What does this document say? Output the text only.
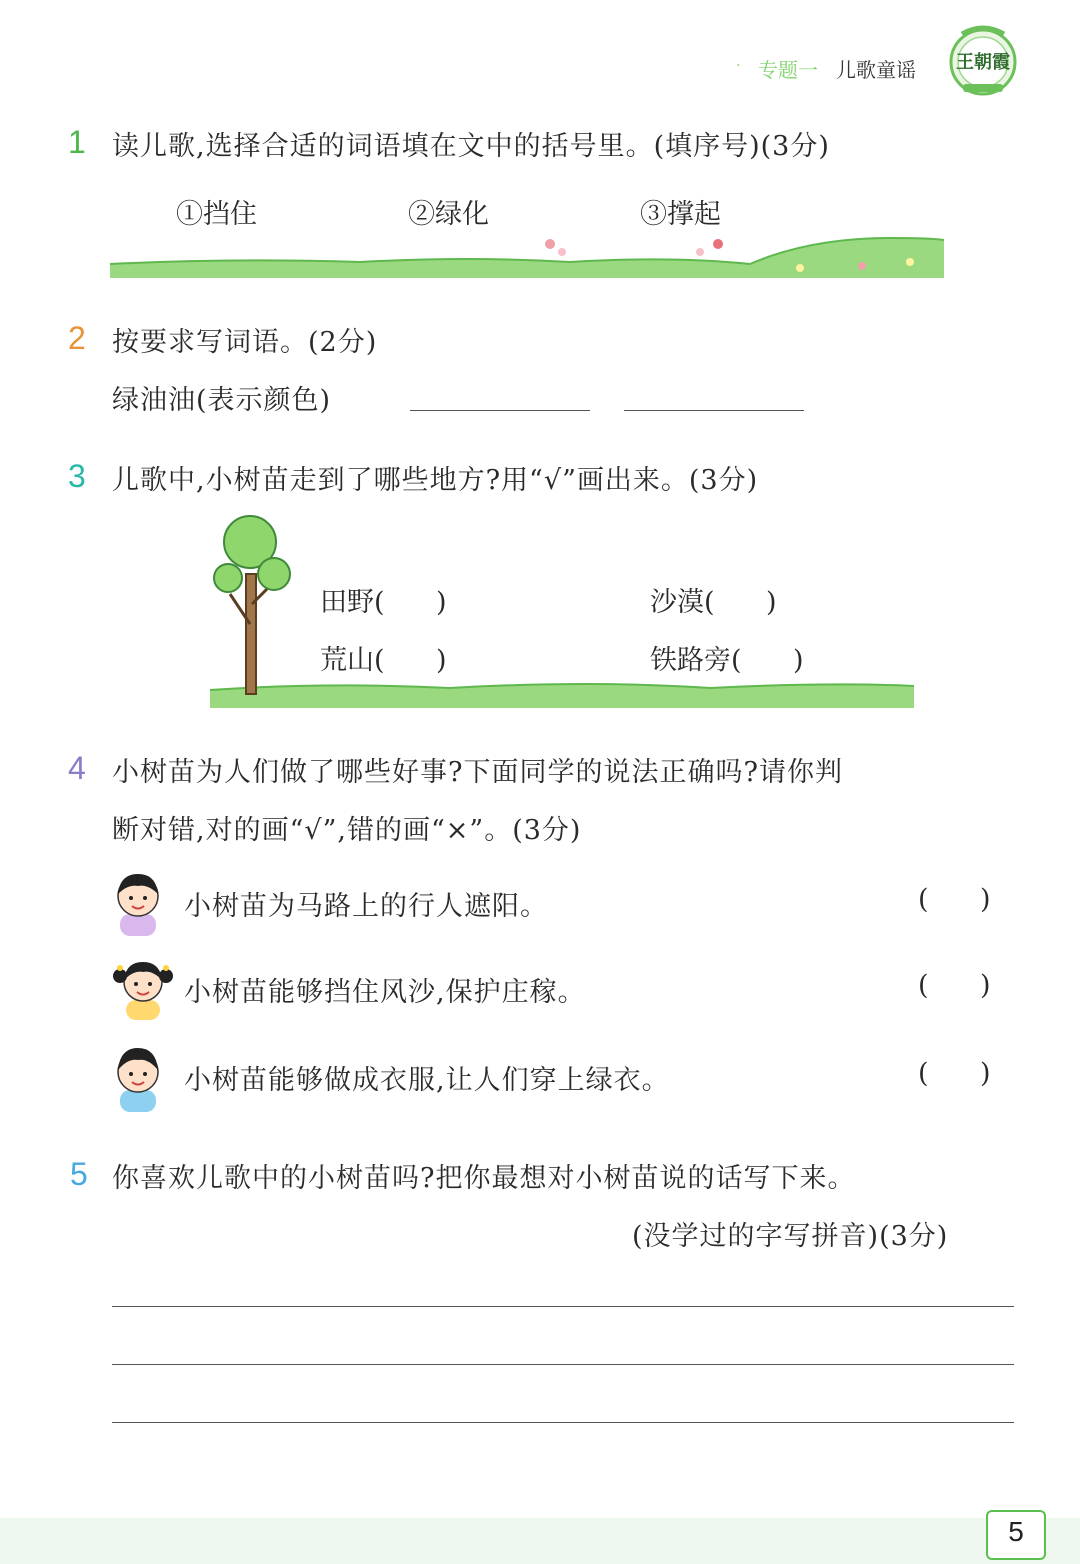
· 专题一 儿歌童谣 王朝霞
1 读儿歌,选择合适的词语填在文中的括号里。(填序号)(3分)
①挡住	②绿化	③撑起
2 按要求写词语。(2分)
绿油油(表示颜色)
3 儿歌中,小树苗走到了哪些地方?用“√”画出来。(3分)
田野(      )	沙漠(      )
荒山(      )	铁路旁(      )
4 小树苗为人们做了哪些好事?下面同学的说法正确吗?请你判
断对错,对的画“√”,错的画“×”。(3分)
小树苗为马路上的行人遮阳。	(      )
小树苗能够挡住风沙,保护庄稼。	(      )
小树苗能够做成衣服,让人们穿上绿衣。	(      )
5 你喜欢儿歌中的小树苗吗?把你最想对小树苗说的话写下来。
(没学过的字写拼音)(3分)
5
